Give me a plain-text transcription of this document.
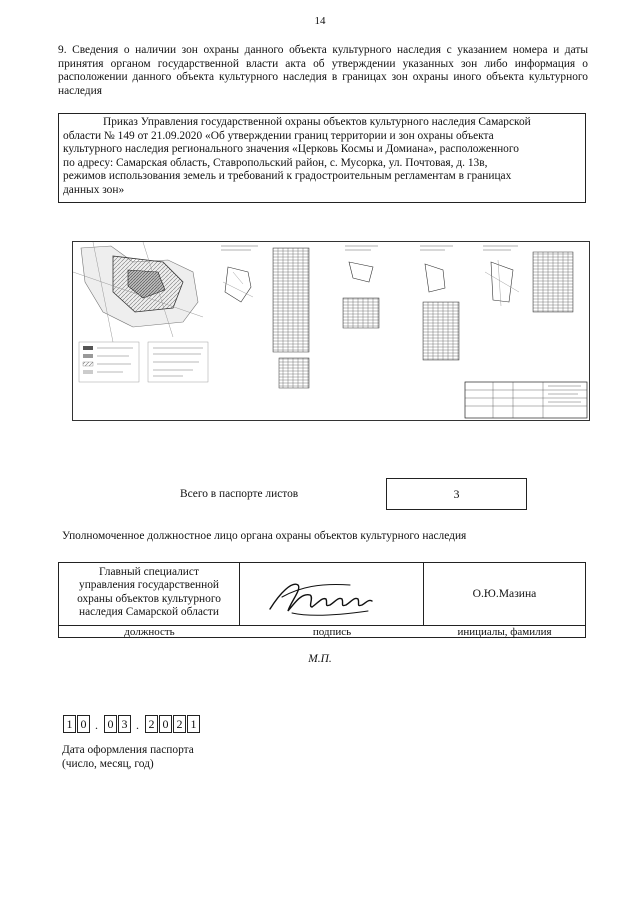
14
9. Сведения о наличии зон охраны данного объекта культурного наследия с указанием номера и даты принятия органом государственной власти акта об утверждении указанных зон либо информация о расположении данного объекта культурного наследия в границах зон охраны иного объекта культурного наследия
Приказ Управления государственной охраны объектов культурного наследия Самарской
области № 149 от 21.09.2020 «Об утверждении границ территории и зон охраны объекта
культурного наследия регионального значения «Церковь Космы и Домиана», расположенного
по адресу: Самарская область, Ставропольский район, с. Мусорка, ул. Почтовая, д. 13в,
режимов использования земель и требований к градостроительным регламентам в границах
данных зон»
Всего в паспорте листов	3
Уполномоченное должностное лицо органа охраны объектов культурного наследия
Главный специалист
управления государственной
охраны объектов культурного
наследия Самарской области
О.Ю.Мазина
должность	подпись	инициалы, фамилия
М.П.
1 0 . 0 3 . 2 0 2 1
Дата оформления паспорта
(число, месяц, год)
